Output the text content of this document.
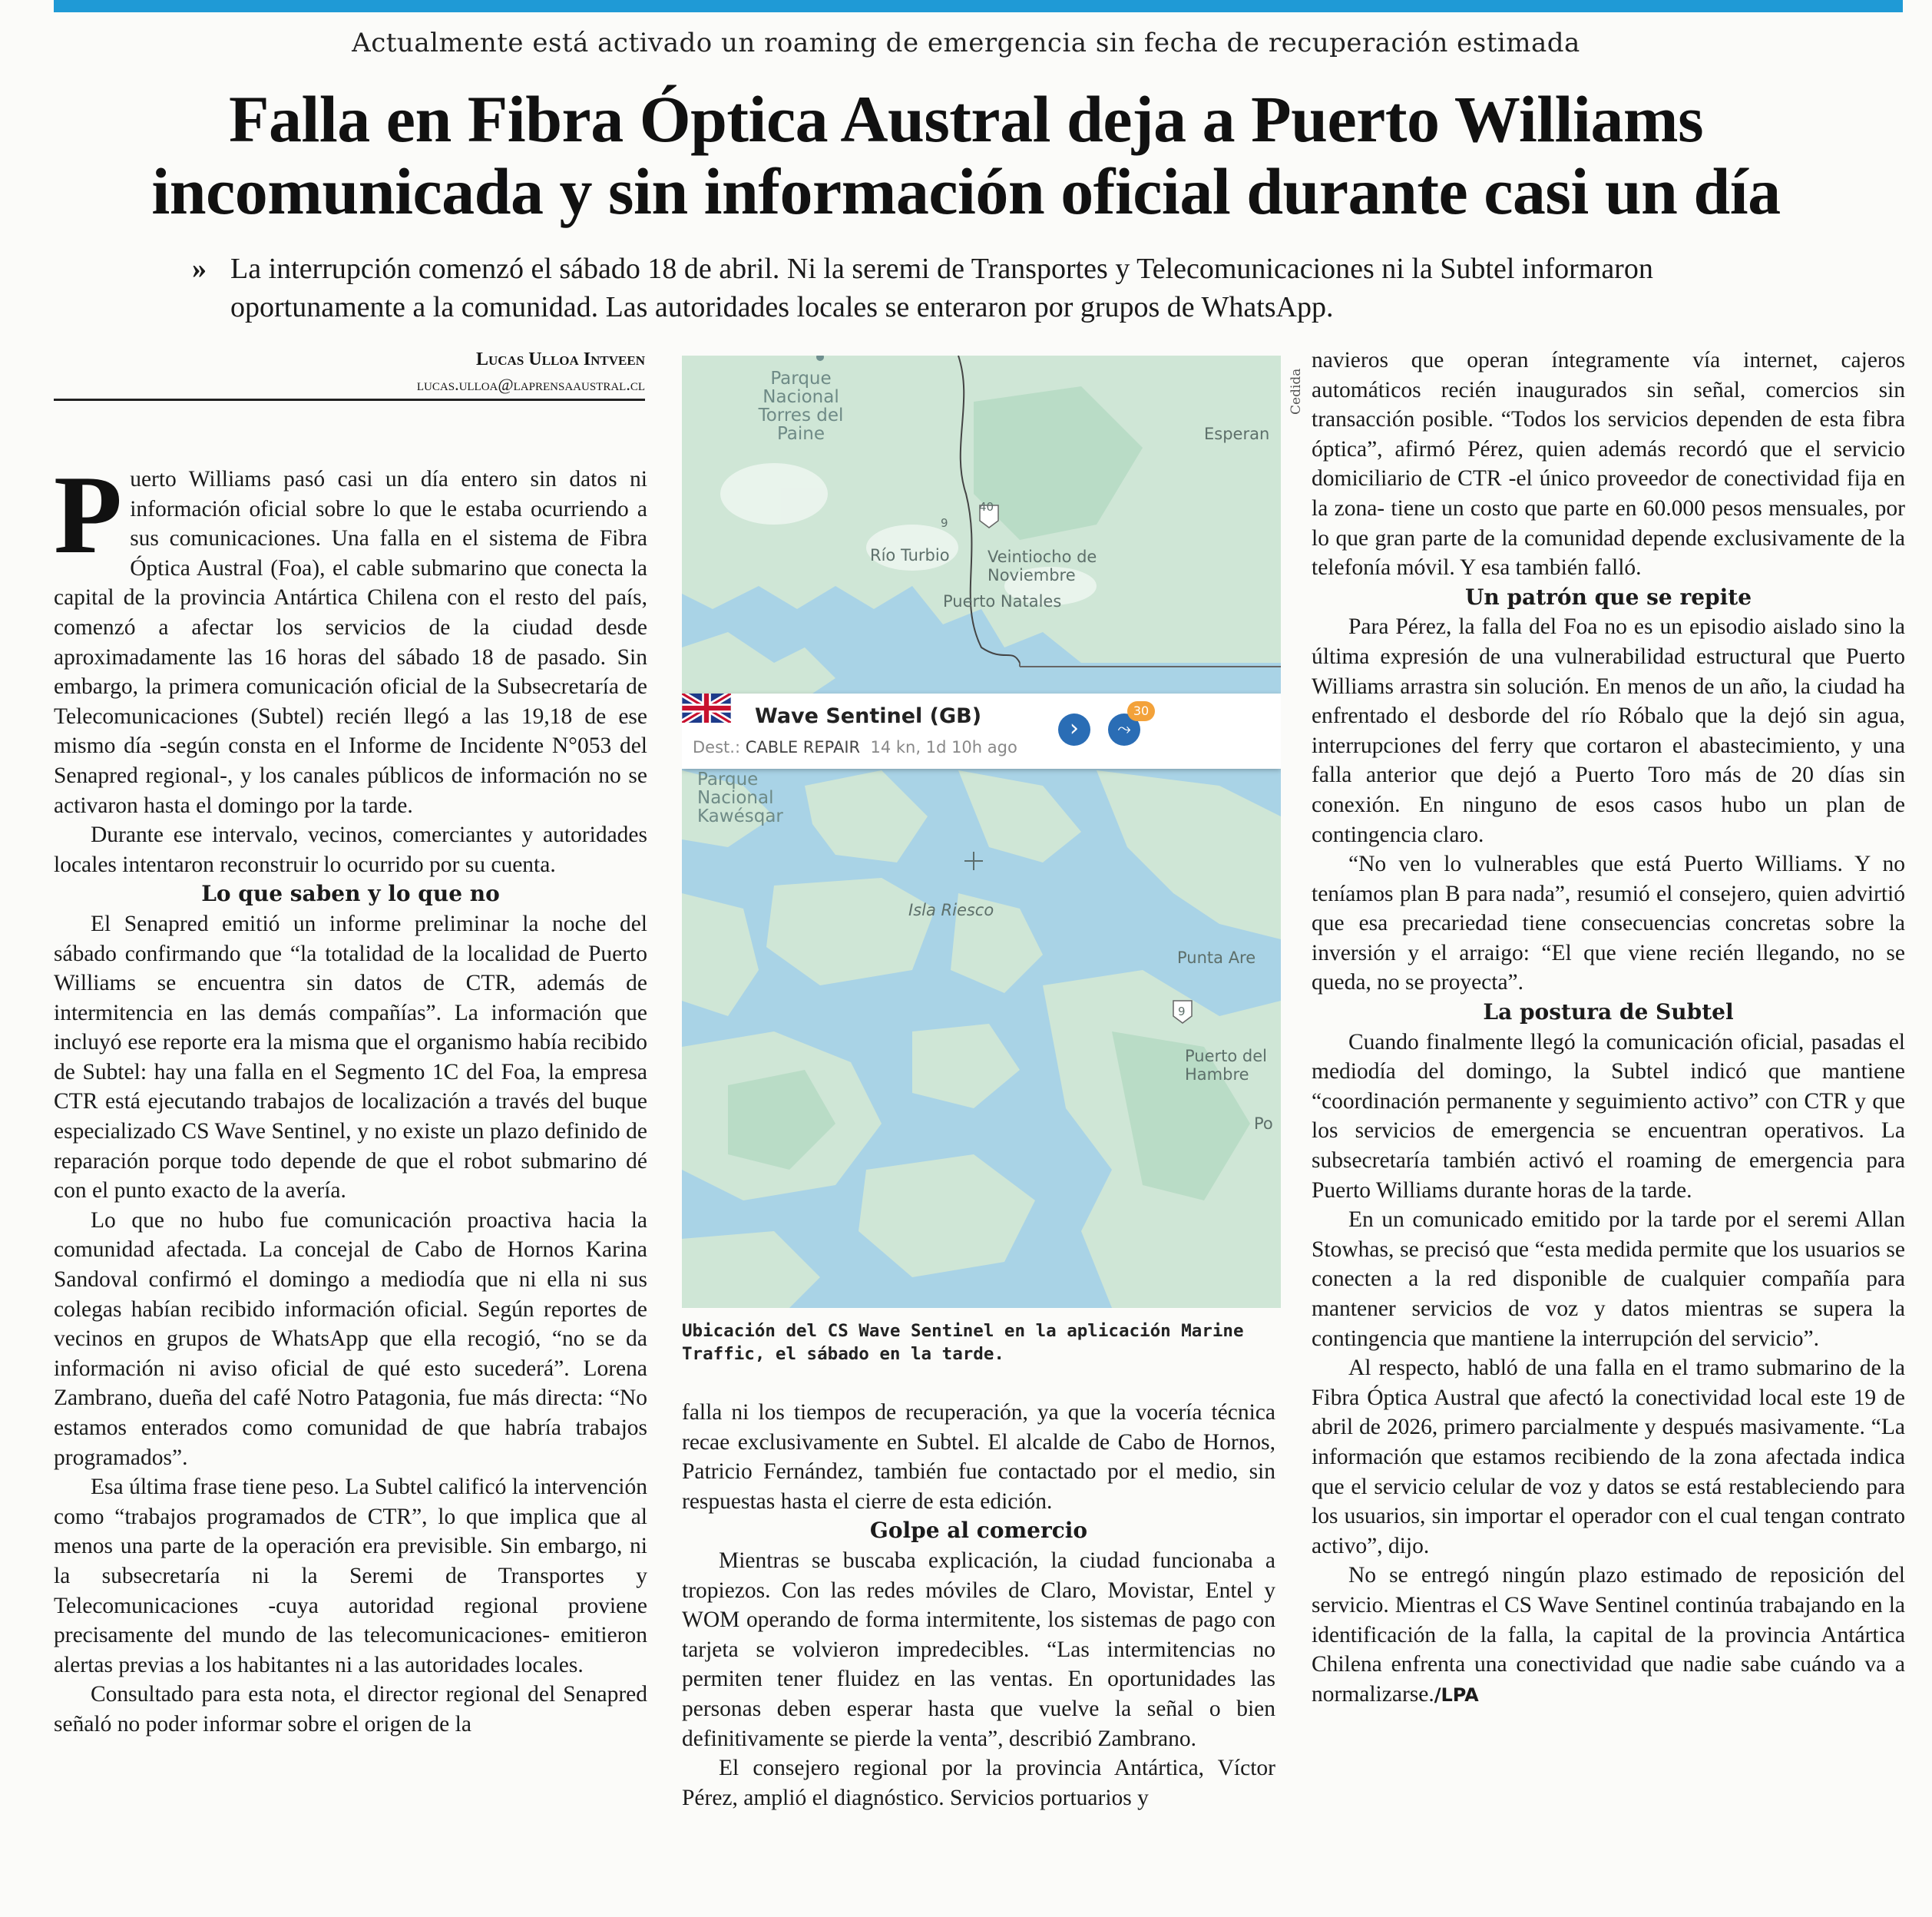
Actualmente está activado un roaming de emergencia sin fecha de recuperación estimada
Falla en Fibra Óptica Austral deja a Puerto Williams
incomunicada y sin información oficial durante casi un día
» La interrupción comenzó el sábado 18 de abril. Ni la seremi de Transportes y Telecomunicaciones ni la Subtel informaron oportunamente a la comunidad. Las autoridades locales se enteraron por grupos de WhatsApp.
Lucas Ulloa Intveen
lucas.ulloa@laprensaaustral.cl

Puerto Williams pasó casi un día entero sin datos ni información oficial sobre lo que le estaba ocurriendo a sus comunicaciones. Una falla en el sistema de Fibra Óptica Austral (Foa), el cable submarino que conecta la capital de la provincia Antártica Chilena con el resto del país, comenzó a afectar los servicios de la ciudad desde aproximadamente las 16 horas del sábado 18 de pasado. Sin embargo, la primera comunicación oficial de la Subsecretaría de Telecomunicaciones (Subtel) recién llegó a las 19,18 de ese mismo día -según consta en el Informe de Incidente N°053 del Senapred regional-, y los canales públicos de información no se activaron hasta el domingo por la tarde.

Durante ese intervalo, vecinos, comerciantes y autoridades locales intentaron reconstruir lo ocurrido por su cuenta.

Lo que saben y lo que no

El Senapred emitió un informe preliminar la noche del sábado confirmando que “la totalidad de la localidad de Puerto Williams se encuentra sin datos de CTR, además de intermitencia en las demás compañías”. La información que incluyó ese reporte era la misma que el organismo había recibido de Subtel: hay una falla en el Segmento 1C del Foa, la empresa CTR está ejecutando trabajos de localización a través del buque especializado CS Wave Sentinel, y no existe un plazo definido de reparación porque todo depende de que el robot submarino dé con el punto exacto de la avería.

Lo que no hubo fue comunicación proactiva hacia la comunidad afectada. La concejal de Cabo de Hornos Karina Sandoval confirmó el domingo a mediodía que ni ella ni sus colegas habían recibido información oficial. Según reportes de vecinos en grupos de WhatsApp que ella recogió, “no se da información ni aviso oficial de qué esto sucederá”. Lorena Zambrano, dueña del café Notro Patagonia, fue más directa: “No estamos enterados como comunidad de que habría trabajos programados”.

Esa última frase tiene peso. La Subtel calificó la intervención como “trabajos programados de CTR”, lo que implica que al menos una parte de la operación era previsible. Sin embargo, ni la subsecretaría ni la Seremi de Transportes y Telecomunicaciones -cuya autoridad regional proviene precisamente del mundo de las telecomunicaciones- emitieron alertas previas a los habitantes ni a las autoridades locales.

Consultado para esta nota, el director regional del Senapred señaló no poder informar sobre el origen de la

Parque Nacional Torres del Paine	Esperan
Río Turbio Veintiocho de Noviembre
Puerto Natales
40
9
Parque Nacional Kawésqar
Isla Riesco
Punta Are
9
Puerto del Hambre
Po
Wave Sentinel (GB)
Dest.: CABLE REPAIR 14 kn, 1d 10h ago
›	⤳
30
Cedida
Ubicación del CS Wave Sentinel en la aplicación Marine Traffic, el sábado en la tarde.

falla ni los tiempos de recuperación, ya que la vocería técnica recae exclusivamente en Subtel. El alcalde de Cabo de Hornos, Patricio Fernández, también fue contactado por el medio, sin respuestas hasta el cierre de esta edición.

Golpe al comercio

Mientras se buscaba explicación, la ciudad funcionaba a tropiezos. Con las redes móviles de Claro, Movistar, Entel y WOM operando de forma intermitente, los sistemas de pago con tarjeta se volvieron impredecibles. “Las intermitencias no permiten tener fluidez en las ventas. En oportunidades las personas deben esperar hasta que vuelve la señal o bien definitivamente se pierde la venta”, describió Zambrano.

El consejero regional por la provincia Antártica, Víctor Pérez, amplió el diagnóstico. Servicios portuarios y

navieros que operan íntegramente vía internet, cajeros automáticos recién inaugurados sin señal, comercios sin transacción posible. “Todos los servicios dependen de esta fibra óptica”, afirmó Pérez, quien además recordó que el servicio domiciliario de CTR -el único proveedor de conectividad fija en la zona- tiene un costo que parte en 60.000 pesos mensuales, por lo que gran parte de la comunidad depende exclusivamente de la telefonía móvil. Y esa también falló.

Un patrón que se repite

Para Pérez, la falla del Foa no es un episodio aislado sino la última expresión de una vulnerabilidad estructural que Puerto Williams arrastra sin solución. En menos de un año, la ciudad ha enfrentado el desborde del río Róbalo que la dejó sin agua, interrupciones del ferry que cortaron el abastecimiento, y una falla anterior que dejó a Puerto Toro más de 20 días sin conexión. En ninguno de esos casos hubo un plan de contingencia claro.

“No ven lo vulnerables que está Puerto Williams. Y no teníamos plan B para nada”, resumió el consejero, quien advirtió que esa precariedad tiene consecuencias concretas sobre la inversión y el arraigo: “El que viene recién llegando, no se queda, no se proyecta”.

La postura de Subtel

Cuando finalmente llegó la comunicación oficial, pasadas el mediodía del domingo, la Subtel indicó que mantiene “coordinación permanente y seguimiento activo” con CTR y que los servicios de emergencia se encuentran operativos. La subsecretaría también activó el roaming de emergencia para Puerto Williams durante horas de la tarde.

En un comunicado emitido por la tarde por el seremi Allan Stowhas, se precisó que “esta medida permite que los usuarios se conecten a la red disponible de cualquier compañía para mantener servicios de voz y datos mientras se supera la contingencia que mantiene la interrupción del servicio”.

Al respecto, habló de una falla en el tramo submarino de la Fibra Óptica Austral que afectó la conectividad local este 19 de abril de 2026, primero parcialmente y después masivamente. “La información que estamos recibiendo de la zona afectada indica que el servicio celular de voz y datos se está restableciendo para los usuarios, sin importar el operador con el cual tengan contrato activo”, dijo.

No se entregó ningún plazo estimado de reposición del servicio. Mientras el CS Wave Sentinel continúa trabajando en la identificación de la falla, la capital de la provincia Antártica Chilena enfrenta una conectividad que nadie sabe cuándo va a normalizarse./LPA
